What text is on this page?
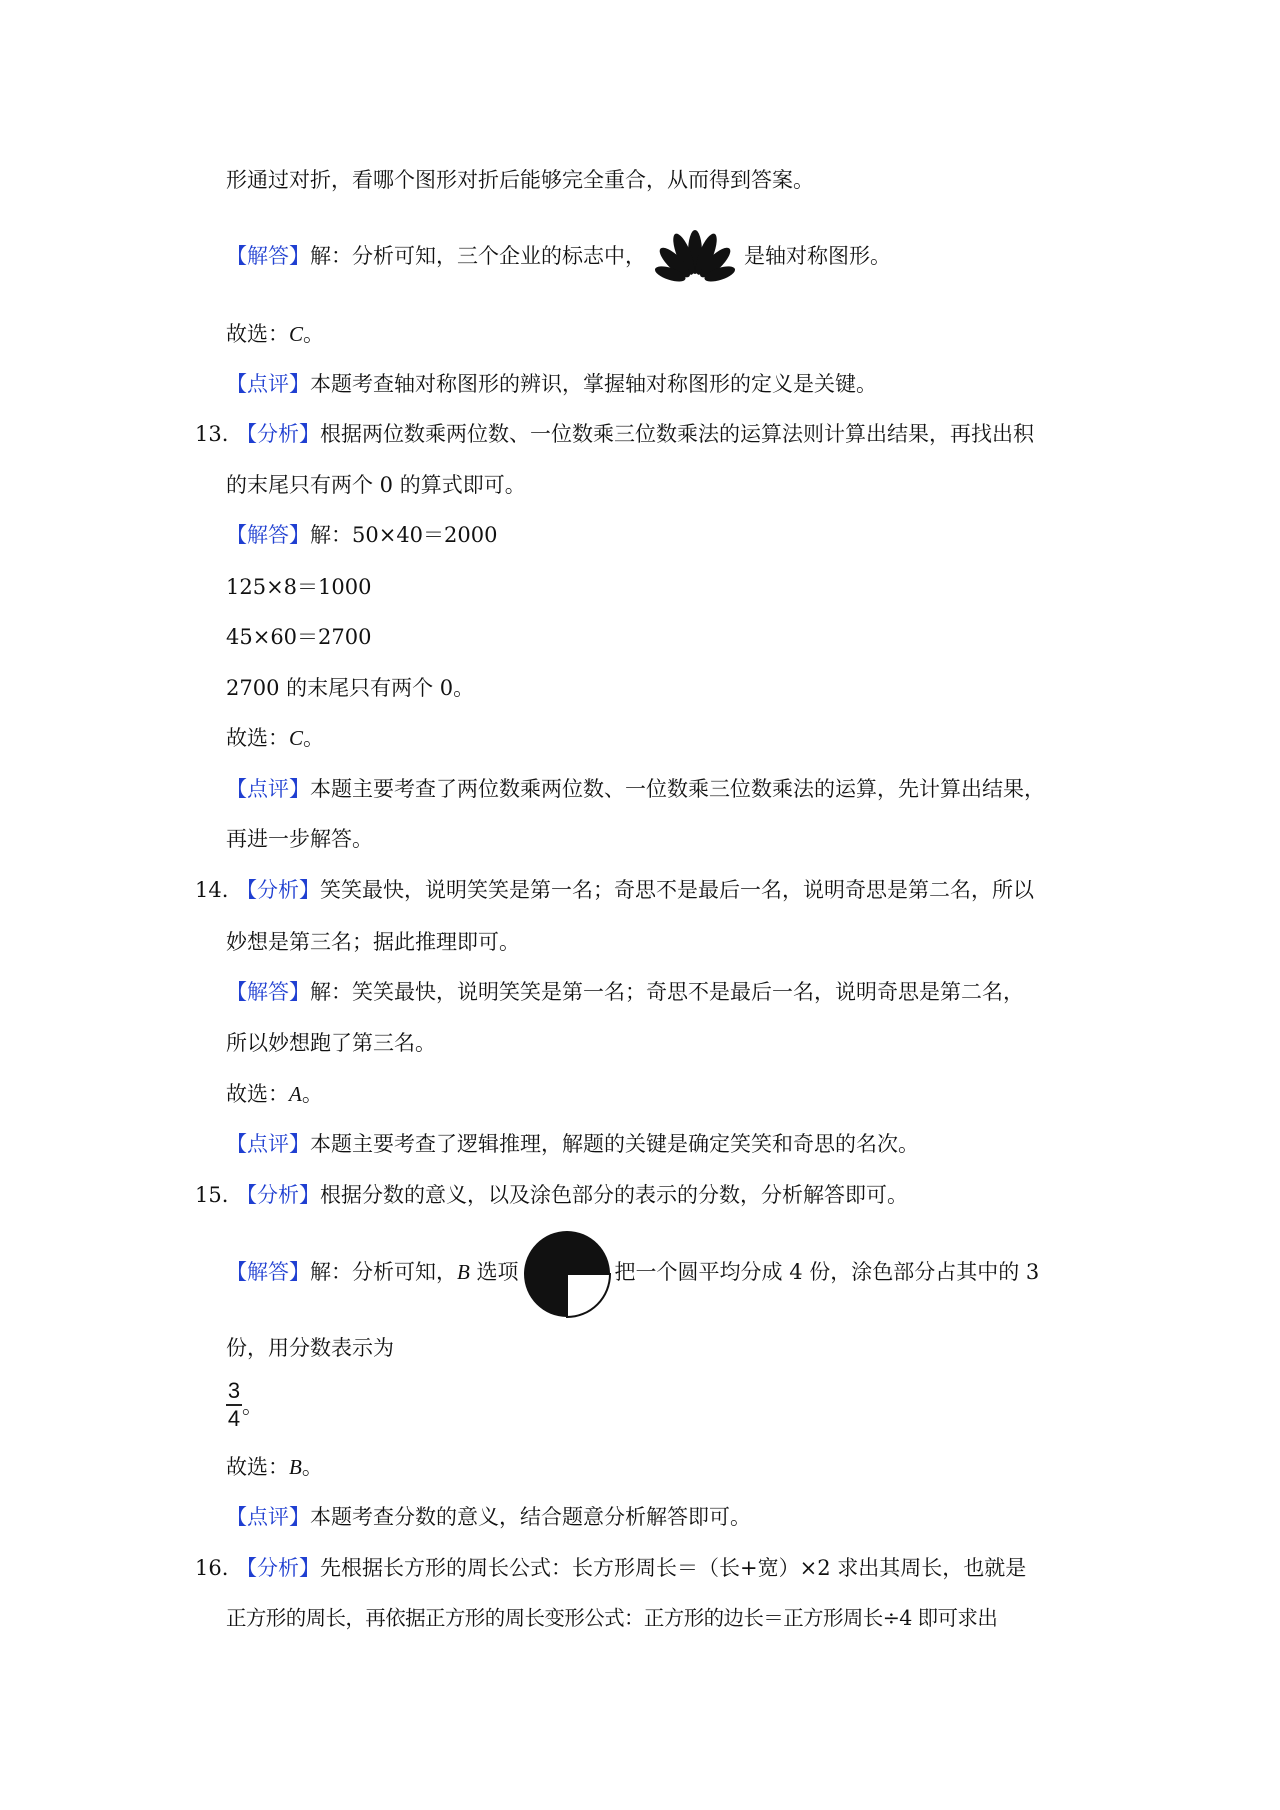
形通过对折，看哪个图形对折后能够完全重合，从而得到答案。
【解答】解：分析可知，三个企业的标志中，	是轴对称图形。
故选：C。
【点评】本题考查轴对称图形的辨识，掌握轴对称图形的定义是关键。
13. 【分析】根据两位数乘两位数、一位数乘三位数乘法的运算法则计算出结果，再找出积
的末尾只有两个 0 的算式即可。
【解答】解：50×40＝2000
125×8＝1000
45×60＝2700
2700 的末尾只有两个 0。
故选：C。
【点评】本题主要考查了两位数乘两位数、一位数乘三位数乘法的运算，先计算出结果，
再进一步解答。
14. 【分析】笑笑最快，说明笑笑是第一名；奇思不是最后一名，说明奇思是第二名，所以
妙想是第三名；据此推理即可。
【解答】解：笑笑最快，说明笑笑是第一名；奇思不是最后一名，说明奇思是第二名，
所以妙想跑了第三名。
故选：A。
【点评】本题主要考查了逻辑推理，解题的关键是确定笑笑和奇思的名次。
15. 【分析】根据分数的意义，以及涂色部分的表示的分数，分析解答即可。
【解答】解：分析可知，B 选项	把一个圆平均分成 4 份，涂色部分占其中的 3
份，用分数表示为
3
4 。
故选：B。
【点评】本题考查分数的意义，结合题意分析解答即可。
16. 【分析】先根据长方形的周长公式：长方形周长＝（长+宽）×2 求出其周长，也就是
正方形的周长，再依据正方形的周长变形公式：正方形的边长＝正方形周长÷4 即可求出
